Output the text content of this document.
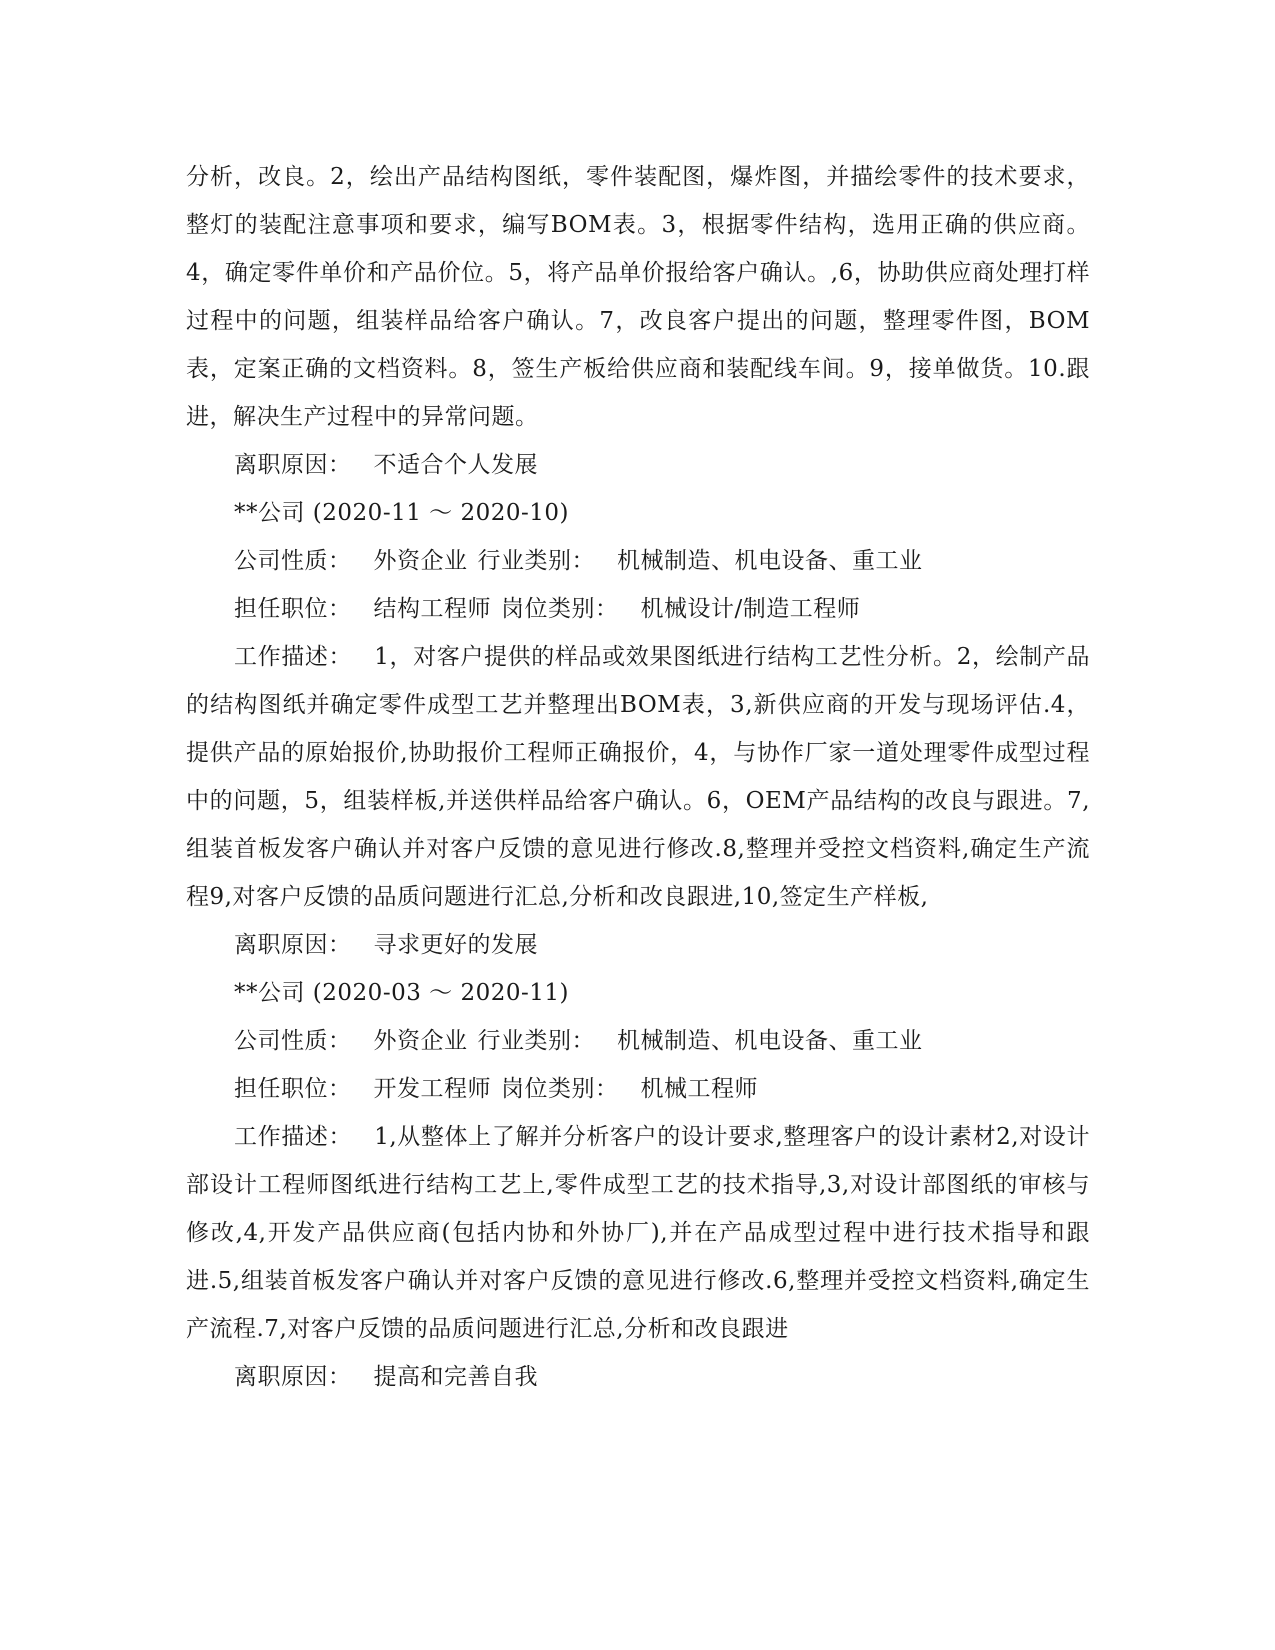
分析，改良。2，绘出产品结构图纸，零件装配图，爆炸图，并描绘零件的技术要求，整灯的装配注意事项和要求，编写BOM表。3，根据零件结构，选用正确的供应商。4，确定零件单价和产品价位。5，将产品单价报给客户确认。,6，协助供应商处理打样过程中的问题，组装样品给客户确认。7，改良客户提出的问题，整理零件图，BOM表，定案正确的文档资料。8，签生产板给供应商和装配线车间。9，接单做货。10.跟进，解决生产过程中的异常问题。

离职原因： 不适合个人发展

**公司 (2020-11 ～ 2020-10)

公司性质： 外资企业 行业类别： 机械制造、机电设备、重工业

担任职位： 结构工程师 岗位类别： 机械设计/制造工程师

工作描述： 1，对客户提供的样品或效果图纸进行结构工艺性分析。2，绘制产品的结构图纸并确定零件成型工艺并整理出BOM表，3,新供应商的开发与现场评估.4，提供产品的原始报价,协助报价工程师正确报价，4，与协作厂家一道处理零件成型过程中的问题，5，组装样板,并送供样品给客户确认。6，OEM产品结构的改良与跟进。7,组装首板发客户确认并对客户反馈的意见进行修改.8,整理并受控文档资料,确定生产流程9,对客户反馈的品质问题进行汇总,分析和改良跟进,10,签定生产样板,

离职原因： 寻求更好的发展

**公司 (2020-03 ～ 2020-11)

公司性质： 外资企业 行业类别： 机械制造、机电设备、重工业

担任职位： 开发工程师 岗位类别： 机械工程师

工作描述： 1,从整体上了解并分析客户的设计要求,整理客户的设计素材2,对设计部设计工程师图纸进行结构工艺上,零件成型工艺的技术指导,3,对设计部图纸的审核与修改,4,开发产品供应商(包括内协和外协厂),并在产品成型过程中进行技术指导和跟进.5,组装首板发客户确认并对客户反馈的意见进行修改.6,整理并受控文档资料,确定生产流程.7,对客户反馈的品质问题进行汇总,分析和改良跟进

离职原因： 提高和完善自我
